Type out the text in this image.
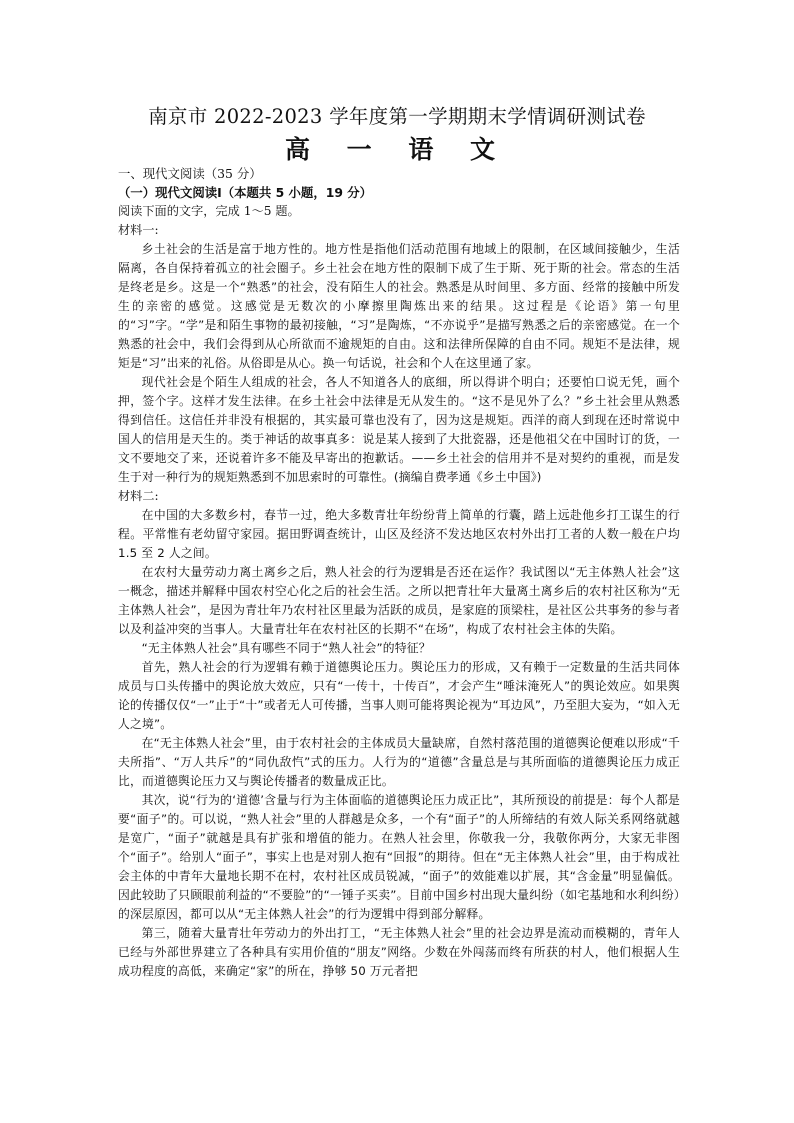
南京市 2022-2023 学年度第一学期期末学情调研测试卷
高 一 语 文
一、现代文阅读（35 分）
（一）现代文阅读Ⅰ（本题共 5 小题，19 分）
阅读下面的文字，完成 1～5 题。
材料一:

乡土社会的生活是富于地方性的。地方性是指他们活动范围有地域上的限制，在区域间接触少，生活隔离，各自保持着孤立的社会圈子。乡土社会在地方性的限制下成了生于斯、死于斯的社会。常态的生活是终老是乡。这是一个“熟悉”的社会，没有陌生人的社会。熟悉是从时间里、多方面、经常的接触中所发生的亲密的感觉。这感觉是无数次的小摩擦里陶炼出来的结果。这过程是《论语》第一句里的“习”字。“学”是和陌生事物的最初接触，“习”是陶炼，“不亦说乎”是描写熟悉之后的亲密感觉。在一个熟悉的社会中，我们会得到从心所欲而不逾规矩的自由。这和法律所保障的自由不同。规矩不是法律，规矩是“习”出来的礼俗。从俗即是从心。换一句话说，社会和个人在这里通了家。

现代社会是个陌生人组成的社会，各人不知道各人的底细，所以得讲个明白；还要怕口说无凭，画个押，签个字。这样才发生法律。在乡土社会中法律是无从发生的。“这不是见外了么？”乡土社会里从熟悉得到信任。这信任并非没有根据的，其实最可靠也没有了，因为这是规矩。西洋的商人到现在还时常说中国人的信用是天生的。类于神话的故事真多：说是某人接到了大批瓷器，还是他祖父在中国时订的货，一文不要地交了来，还说着许多不能及早寄出的抱歉话。——乡土社会的信用并不是对契约的重视，而是发生于对一种行为的规矩熟悉到不加思索时的可靠性。(摘编自费孝通《乡土中国》)

材料二:

在中国的大多数乡村，春节一过，绝大多数青壮年纷纷背上简单的行囊，踏上远赴他乡打工谋生的行程。平常惟有老幼留守家园。据田野调查统计，山区及经济不发达地区农村外出打工者的人数一般在户均 1.5 至 2 人之间。

在农村大量劳动力离土离乡之后，熟人社会的行为逻辑是否还在运作？我试图以“无主体熟人社会”这一概念，描述并解释中国农村空心化之后的社会生活。之所以把青壮年大量离土离乡后的农村社区称为“无主体熟人社会”，是因为青壮年乃农村社区里最为活跃的成员，是家庭的顶梁柱，是社区公共事务的参与者以及利益冲突的当事人。大量青壮年在农村社区的长期不“在场”，构成了农村社会主体的失陷。

“无主体熟人社会”具有哪些不同于“熟人社会”的特征？

首先，熟人社会的行为逻辑有赖于道德舆论压力。舆论压力的形成，又有赖于一定数量的生活共同体成员与口头传播中的舆论放大效应，只有“一传十，十传百”，才会产生“唾沫淹死人”的舆论效应。如果舆论的传播仅仅“一”止于“十”或者无人可传播，当事人则可能将舆论视为“耳边风”，乃至胆大妄为，“如入无人之境”。

在“无主体熟人社会”里，由于农村社会的主体成员大量缺席，自然村落范围的道德舆论便难以形成“千夫所指”、“万人共斥”的“同仇敌忾”式的压力。人行为的“道德”含量总是与其所面临的道德舆论压力成正比，而道德舆论压力又与舆论传播者的数量成正比。

其次，说“行为的‘道德’含量与行为主体面临的道德舆论压力成正比”，其所预设的前提是：每个人都是要“面子”的。可以说，“熟人社会”里的人群越是众多，一个有“面子”的人所缔结的有效人际关系网络就越是宽广，“面子”就越是具有扩张和增值的能力。在熟人社会里，你敬我一分，我敬你两分，大家无非图个“面子”。给别人“面子”，事实上也是对别人抱有“回报”的期待。但在“无主体熟人社会”里，由于构成社会主体的中青年大量地长期不在村，农村社区成员锐减，“面子”的效能难以扩展，其“含金量”明显偏低。因此较助了只顾眼前利益的“不要脸”的“一锤子买卖”。目前中国乡村出现大量纠纷（如宅基地和水利纠纷）的深层原因，都可以从“无主体熟人社会”的行为逻辑中得到部分解释。

第三，随着大量青壮年劳动力的外出打工，“无主体熟人社会”里的社会边界是流动而模糊的，青年人已经与外部世界建立了各种具有实用价值的“朋友”网络。少数在外闯荡而终有所获的村人，他们根据人生成功程度的高低，来确定“家”的所在，挣够 50 万元者把
